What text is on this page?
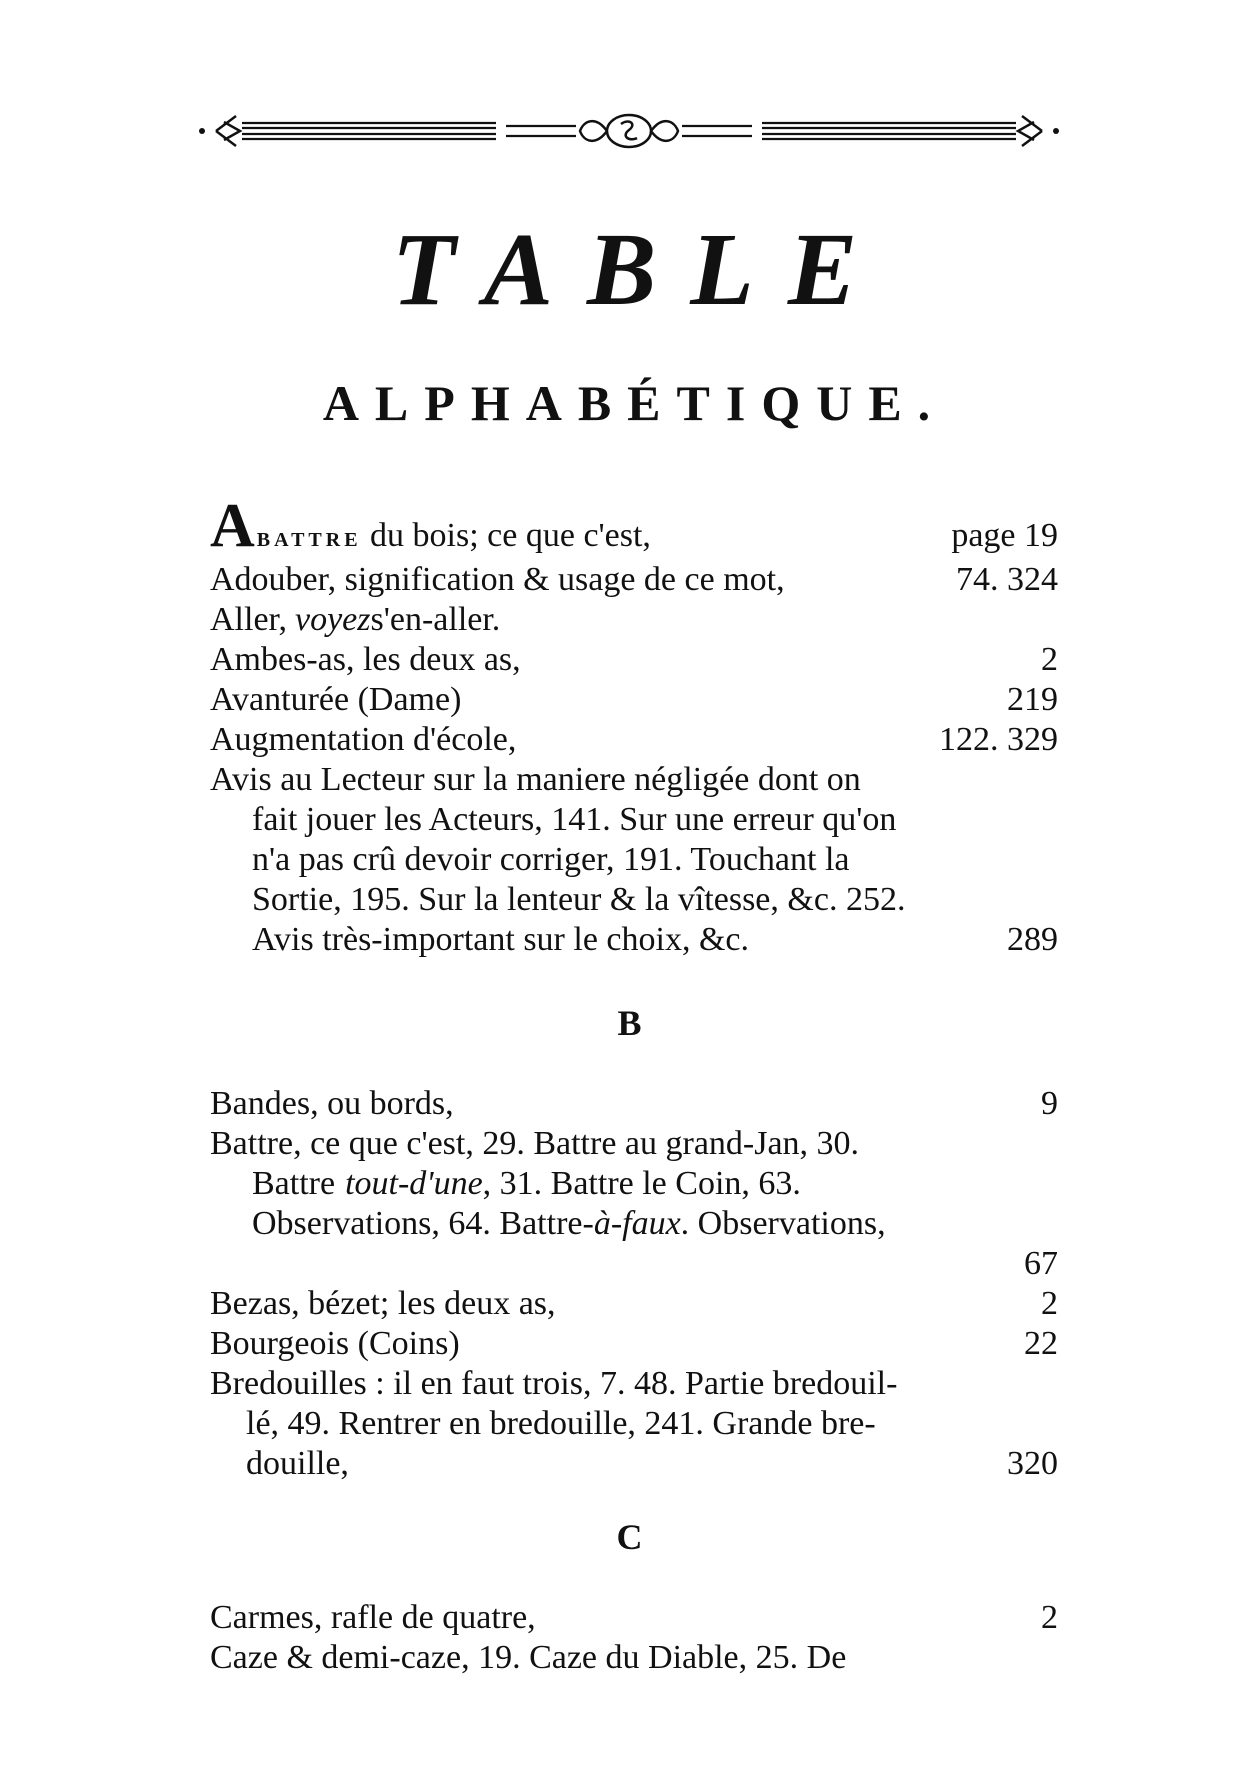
TABLE
ALPHABÉTIQUE.
ABATTRE du bois; ce que c'est,	page 19
Adouber, signification & usage de ce mot,	74. 324
Aller, voyez s'en-aller.
Ambes-as, les deux as,	2
Avanturée (Dame)	219
Augmentation d'école,	122. 329
Avis au Lecteur sur la maniere négligée dont on
fait jouer les Acteurs, 141. Sur une erreur qu'on
n'a pas crû devoir corriger, 191. Touchant la
Sortie, 195. Sur la lenteur & la vîtesse, &c. 252.
Avis très-important sur le choix, &c.	289
B
Bandes, ou bords,	9
Battre, ce que c'est, 29. Battre au grand-Jan, 30.
Battre tout-d'une , 31. Battre le Coin, 63.
Observations, 64. Battre- à-faux . Observations,
67
Bezas, bézet; les deux as,	2
Bourgeois (Coins)	22
Bredouilles : il en faut trois, 7. 48. Partie bredouil-
lé, 49. Rentrer en bredouille, 241. Grande bre-
douille,	320
C
Carmes, rafle de quatre,	2
Caze & demi-caze, 19. Caze du Diable, 25. De
